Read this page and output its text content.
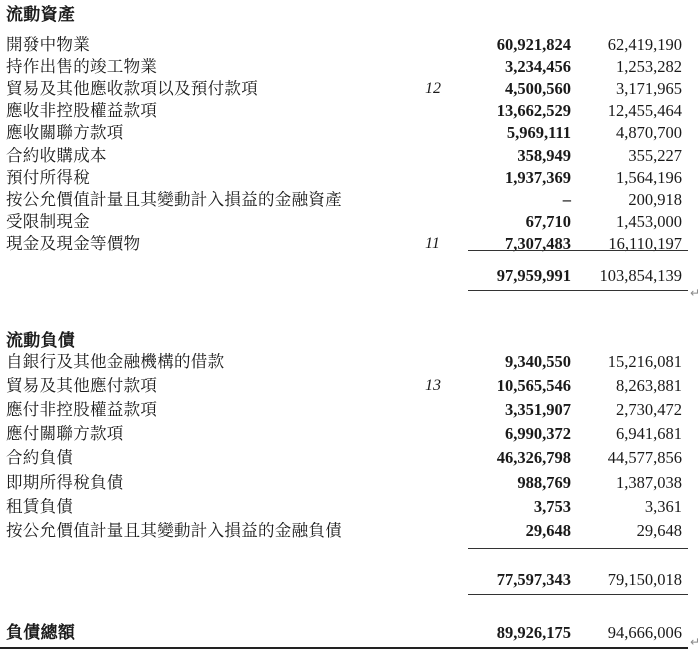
流動資產
開發中物業	60,921,824 62,419,190
持作出售的竣工物業	3,234,456	1,253,282
貿易及其他應收款項以及預付款項	12	4,500,560	3,171,965
應收非控股權益款項	13,662,529 12,455,464
應收關聯方款項	5,969,111	4,870,700
合約收購成本	358,949	355,227
預付所得稅	1,937,369	1,564,196
按公允價值計量且其變動計入損益的金融資產	–	200,918
受限制現金	67,710	1,453,000
現金及現金等價物	11	7,307,483 16,110,197
97,959,991 103,854,139
↵
流動負債
自銀行及其他金融機構的借款	9,340,550 15,216,081
貿易及其他應付款項	13	10,565,546	8,263,881
應付非控股權益款項	3,351,907	2,730,472
應付關聯方款項	6,990,372	6,941,681
合約負債	46,326,798 44,577,856
即期所得稅負債	988,769	1,387,038
租賃負債	3,753	3,361
按公允價值計量且其變動計入損益的金融負債	29,648	29,648
77,597,343 79,150,018
負債總額	89,926,175 94,666,006 ↵
